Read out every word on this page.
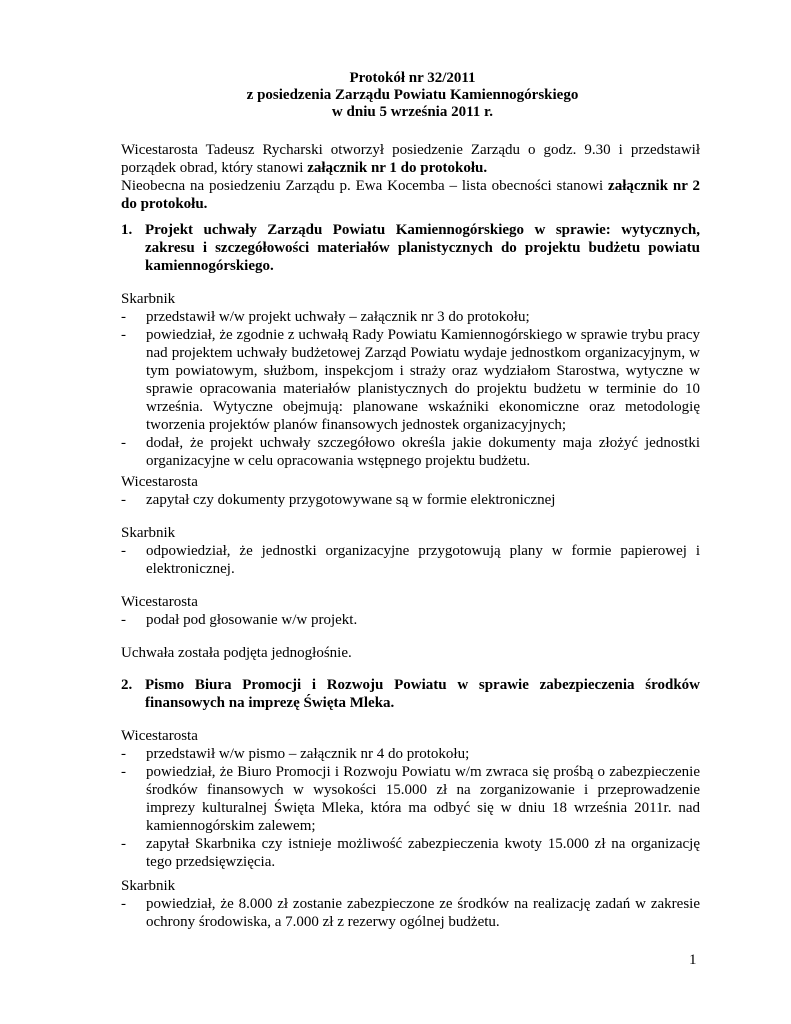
Protokół nr 32/2011
z posiedzenia Zarządu Powiatu Kamiennogórskiego
w dniu 5 września 2011 r.

Wicestarosta Tadeusz Rycharski otworzył posiedzenie Zarządu o godz. 9.30 i przedstawił porządek obrad, który stanowi załącznik nr 1 do protokołu.

Nieobecna na posiedzeniu Zarządu p. Ewa Kocemba – lista obecności stanowi załącznik nr 2 do protokołu.

1. Projekt uchwały Zarządu Powiatu Kamiennogórskiego w sprawie: wytycznych, zakresu i szczegółowości materiałów planistycznych do projektu budżetu powiatu kamiennogórskiego.
Skarbnik
- przedstawił w/w projekt uchwały – załącznik nr 3 do protokołu;
- powiedział, że zgodnie z uchwałą Rady Powiatu Kamiennogórskiego w sprawie trybu pracy nad projektem uchwały budżetowej Zarząd Powiatu wydaje jednostkom organizacyjnym, w tym powiatowym, służbom, inspekcjom i straży oraz wydziałom Starostwa, wytyczne w sprawie opracowania materiałów planistycznych do projektu budżetu w terminie do 10 września. Wytyczne obejmują: planowane wskaźniki ekonomiczne oraz metodologię tworzenia projektów planów finansowych jednostek organizacyjnych;
- dodał, że projekt uchwały szczegółowo określa jakie dokumenty maja złożyć jednostki organizacyjne w celu opracowania wstępnego projektu budżetu.
Wicestarosta
- zapytał czy dokumenty przygotowywane są w formie elektronicznej
Skarbnik
- odpowiedział, że jednostki organizacyjne przygotowują plany w formie papierowej i elektronicznej.
Wicestarosta
- podał pod głosowanie w/w projekt.
Uchwała została podjęta jednogłośnie.
2. Pismo Biura Promocji i Rozwoju Powiatu w sprawie zabezpieczenia środków finansowych na imprezę Święta Mleka.
Wicestarosta
- przedstawił w/w pismo – załącznik nr 4 do protokołu;
- powiedział, że Biuro Promocji i Rozwoju Powiatu w/m zwraca się prośbą o zabezpieczenie środków finansowych w wysokości 15.000 zł na zorganizowanie i przeprowadzenie imprezy kulturalnej Święta Mleka, która ma odbyć się w dniu 18 września 2011r. nad kamiennogórskim zalewem;
- zapytał Skarbnika czy istnieje możliwość zabezpieczenia kwoty 15.000 zł na organizację tego przedsięwzięcia.
Skarbnik
- powiedział, że 8.000 zł zostanie zabezpieczone ze środków na realizację zadań w zakresie ochrony środowiska, a 7.000 zł z rezerwy ogólnej budżetu.
1
